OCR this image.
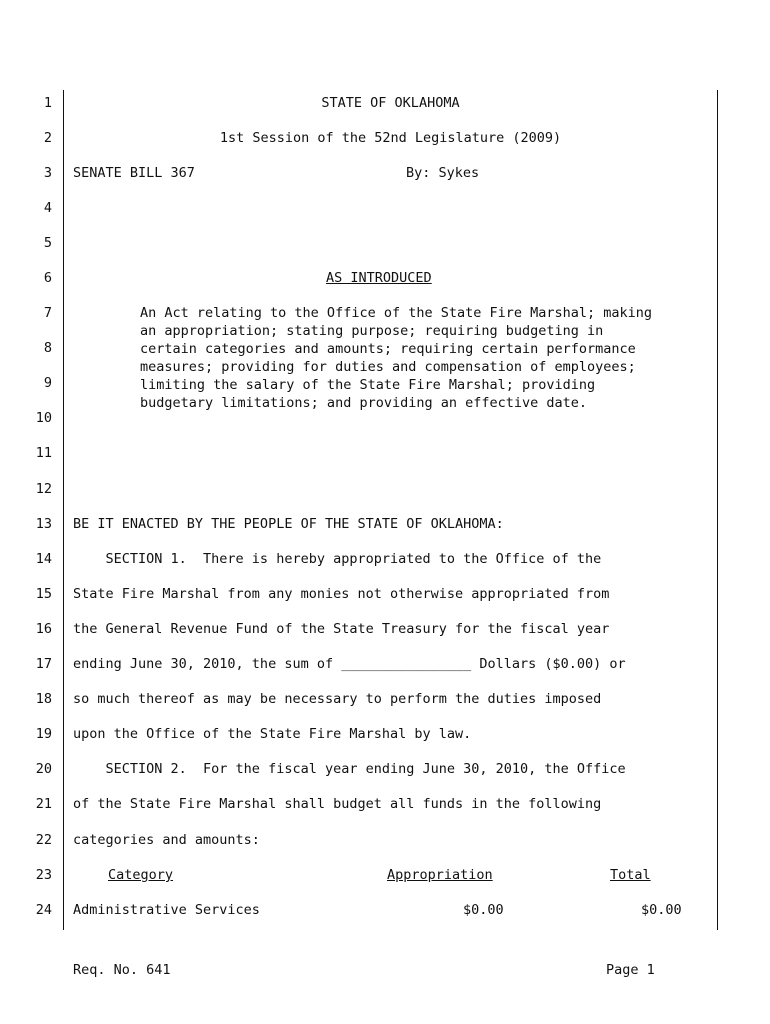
1
2
3
4
5
6
7
8
9
10
11
12
13
14
15
16
17
18
19
20
21
22
23
24
STATE OF OKLAHOMA
1st Session of the 52nd Legislature (2009)
SENATE BILL 367	By: Sykes
AS INTRODUCED
An Act relating to the Office of the State Fire Marshal; making an appropriation; stating purpose; requiring budgeting in certain categories and amounts; requiring certain performance measures; providing for duties and compensation of employees; limiting the salary of the State Fire Marshal; providing budgetary limitations; and providing an effective date.
BE IT ENACTED BY THE PEOPLE OF THE STATE OF OKLAHOMA:
SECTION 1.  There is hereby appropriated to the Office of the
State Fire Marshal from any monies not otherwise appropriated from
the General Revenue Fund of the State Treasury for the fiscal year
ending June 30, 2010, the sum of ________________ Dollars ($0.00) or
so much thereof as may be necessary to perform the duties imposed
upon the Office of the State Fire Marshal by law.
SECTION 2.  For the fiscal year ending June 30, 2010, the Office
of the State Fire Marshal shall budget all funds in the following
categories and amounts:
Category	Appropriation	Total
Administrative Services	$0.00	$0.00
Req. No. 641	Page 1
